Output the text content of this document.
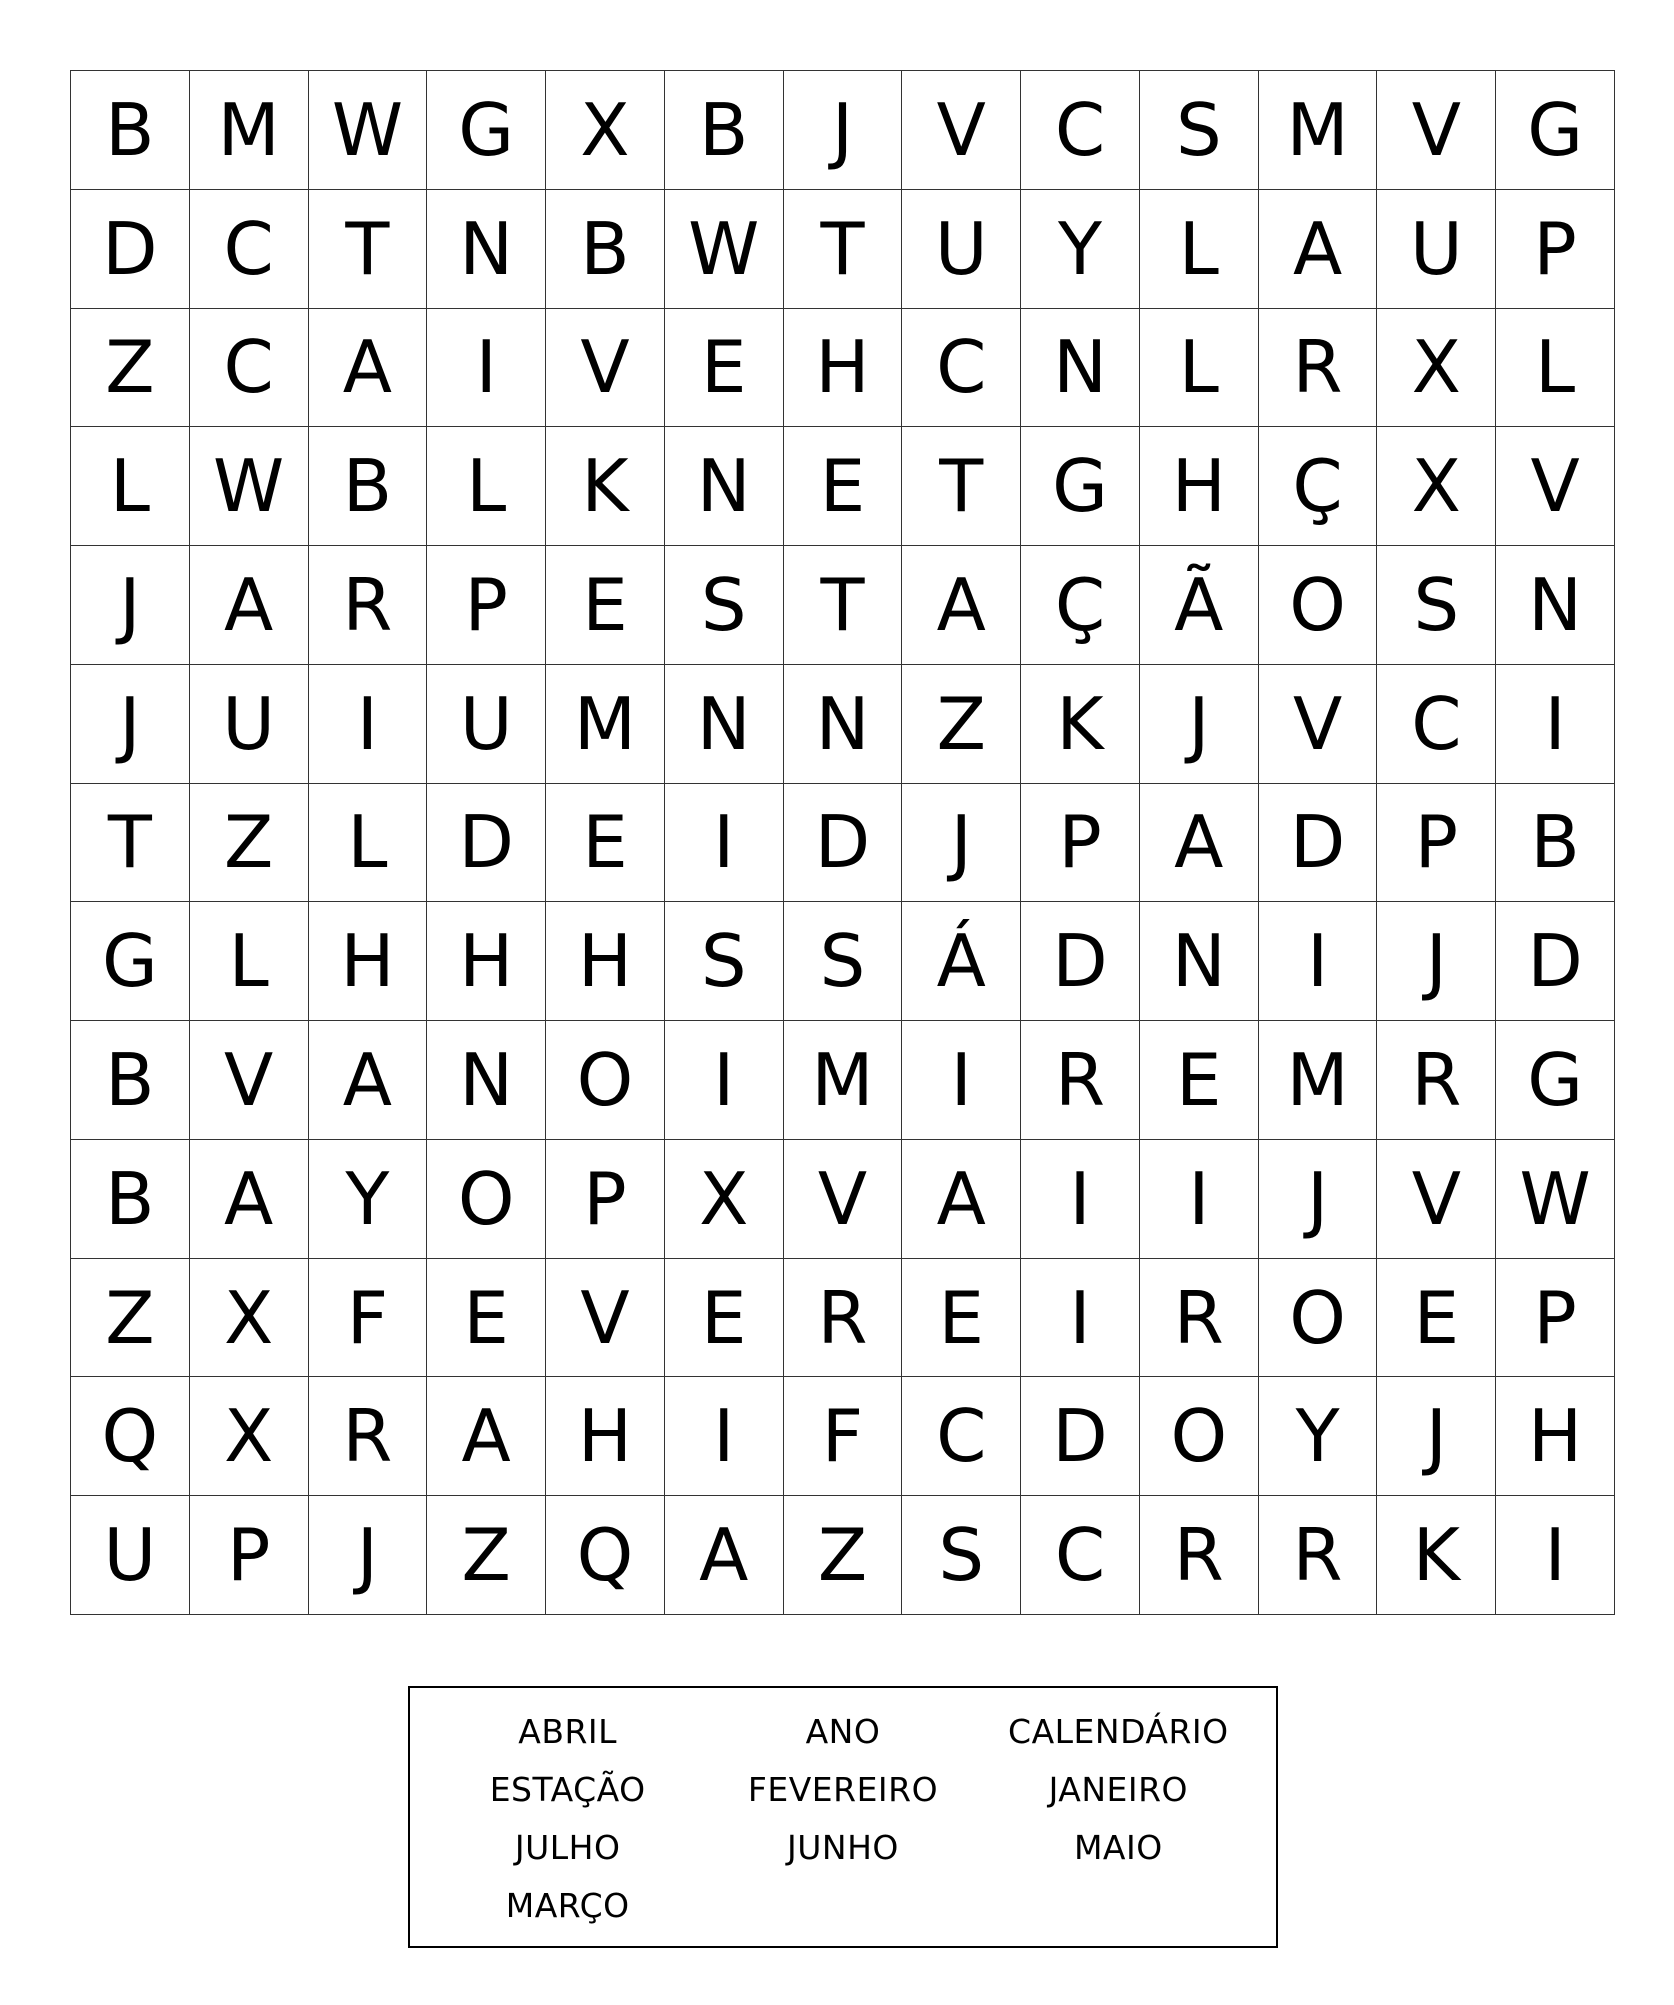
B M W G X B	J	V C S M V G
D C T N B W T U Y	L	A U P
Z C A	I	V E H C N L	R X	L
L W B	L	K N E	T G H Ç X V
J	A R	P	E	S	T	A Ç Ã O S N
J	U	I	U M N N Z K	J	V C	I
T	Z	L D E	I	D	J	P	A D P	B
G L H H H S	S Á D N	I	J	D
B V A N O	I	M	I	R E M R G
B A	Y O P	X V A	I	I	J	V W
Z X	F	E V E R E	I	R O E	P
Q X R A H	I	F	C D O Y	J	H
U P	J	Z Q A Z S C R R K	I
ABRIL	ANO	CALENDÁRIO
ESTAÇÃO	FEVEREIRO	JANEIRO
JULHO	JUNHO	MAIO
MARÇO
